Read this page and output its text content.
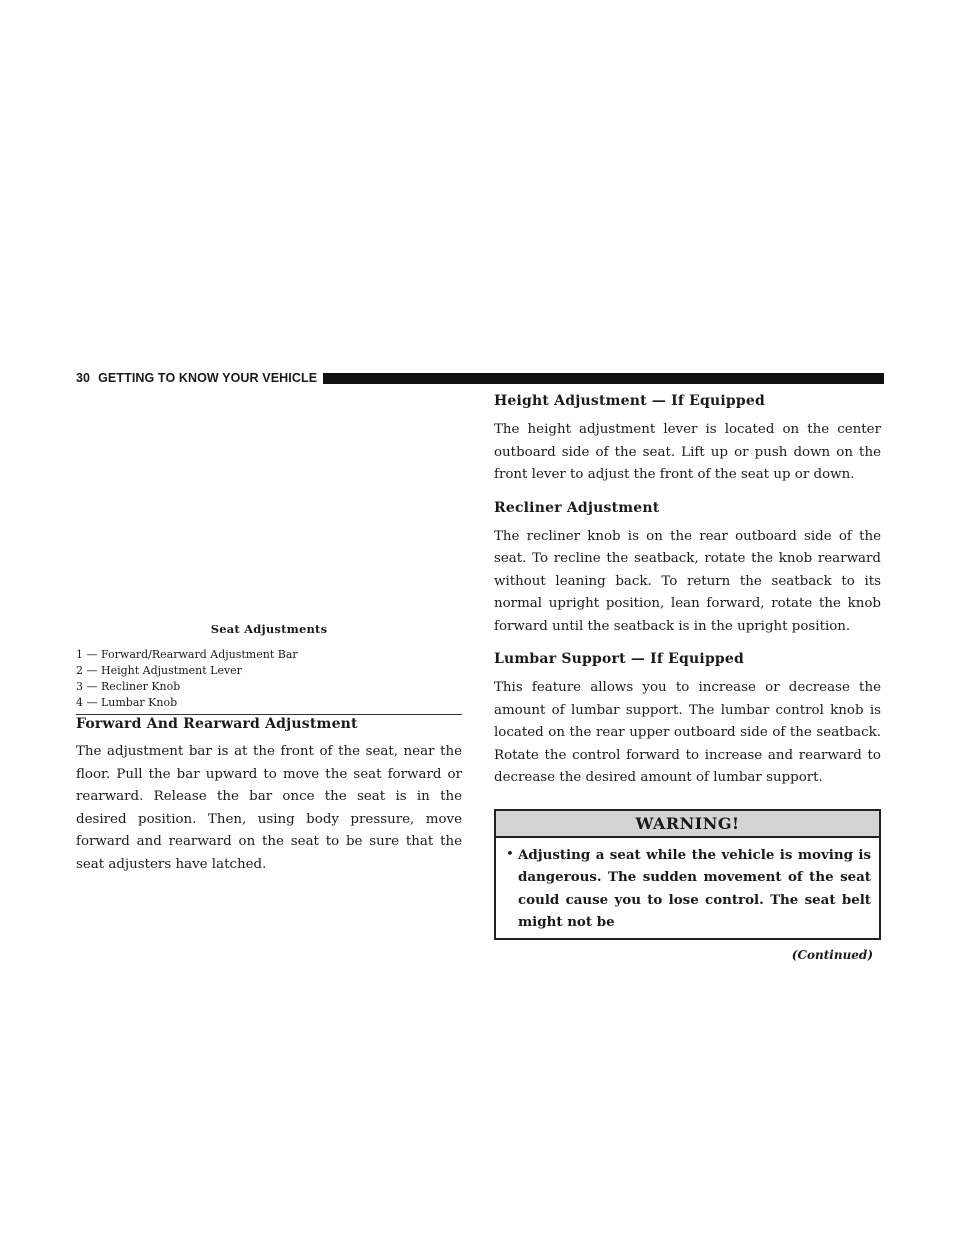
30 GETTING TO KNOW YOUR VEHICLE
Seat Adjustments

1 — Forward/Rearward Adjustment Bar

2 — Height Adjustment Lever

3 — Recliner Knob

4 — Lumbar Knob

Forward And Rearward Adjustment

The adjustment bar is at the front of the seat, near the floor. Pull the bar upward to move the seat forward or rearward. Release the bar once the seat is in the desired position. Then, using body pressure, move forward and rearward on the seat to be sure that the seat adjusters have latched.

Height Adjustment — If Equipped

The height adjustment lever is located on the center outboard side of the seat. Lift up or push down on the front lever to adjust the front of the seat up or down.

Recliner Adjustment

The recliner knob is on the rear outboard side of the seat. To recline the seatback, rotate the knob rearward without leaning back. To return the seatback to its normal upright position, lean forward, rotate the knob forward until the seatback is in the upright position.

Lumbar Support — If Equipped

This feature allows you to increase or decrease the amount of lumbar support. The lumbar control knob is located on the rear upper outboard side of the seatback. Rotate the control forward to increase and rearward to decrease the desired amount of lumbar support.

WARNING!
• Adjusting a seat while the vehicle is moving is dangerous. The sudden movement of the seat could cause you to lose control. The seat belt might not be

(Continued)
